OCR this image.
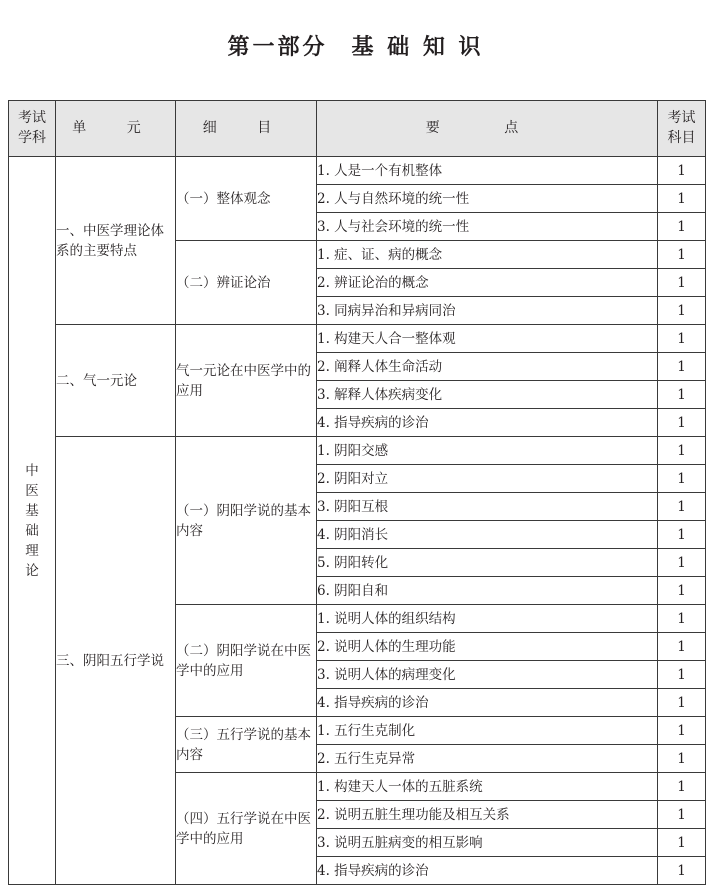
第一部分 基 础 知 识
考试学科	单 元	细 目	要 点	考试科目
中医基础理论	一、中医学理论体系的主要特点	（一）整体观念	1. 人是一个有机整体	1
			2. 人与自然环境的统一性	1
			3. 人与社会环境的统一性	1
		（二）辨证论治	1. 症、证、病的概念	1
			2. 辨证论治的概念	1
			3. 同病异治和异病同治	1
	二、气一元论	气一元论在中医学中的应用	1. 构建天人合一整体观	1
			2. 阐释人体生命活动	1
			3. 解释人体疾病变化	1
			4. 指导疾病的诊治	1
	三、阴阳五行学说	（一）阴阳学说的基本内容	1. 阴阳交感	1
			2. 阴阳对立	1
			3. 阴阳互根	1
			4. 阴阳消长	1
			5. 阴阳转化	1
			6. 阴阳自和	1
		（二）阴阳学说在中医学中的应用	1. 说明人体的组织结构	1
			2. 说明人体的生理功能	1
			3. 说明人体的病理变化	1
			4. 指导疾病的诊治	1
		（三）五行学说的基本内容	1. 五行生克制化	1
			2. 五行生克异常	1
		（四）五行学说在中医学中的应用	1. 构建天人一体的五脏系统	1
			2. 说明五脏生理功能及相互关系	1
			3. 说明五脏病变的相互影响	1
			4. 指导疾病的诊治	1
